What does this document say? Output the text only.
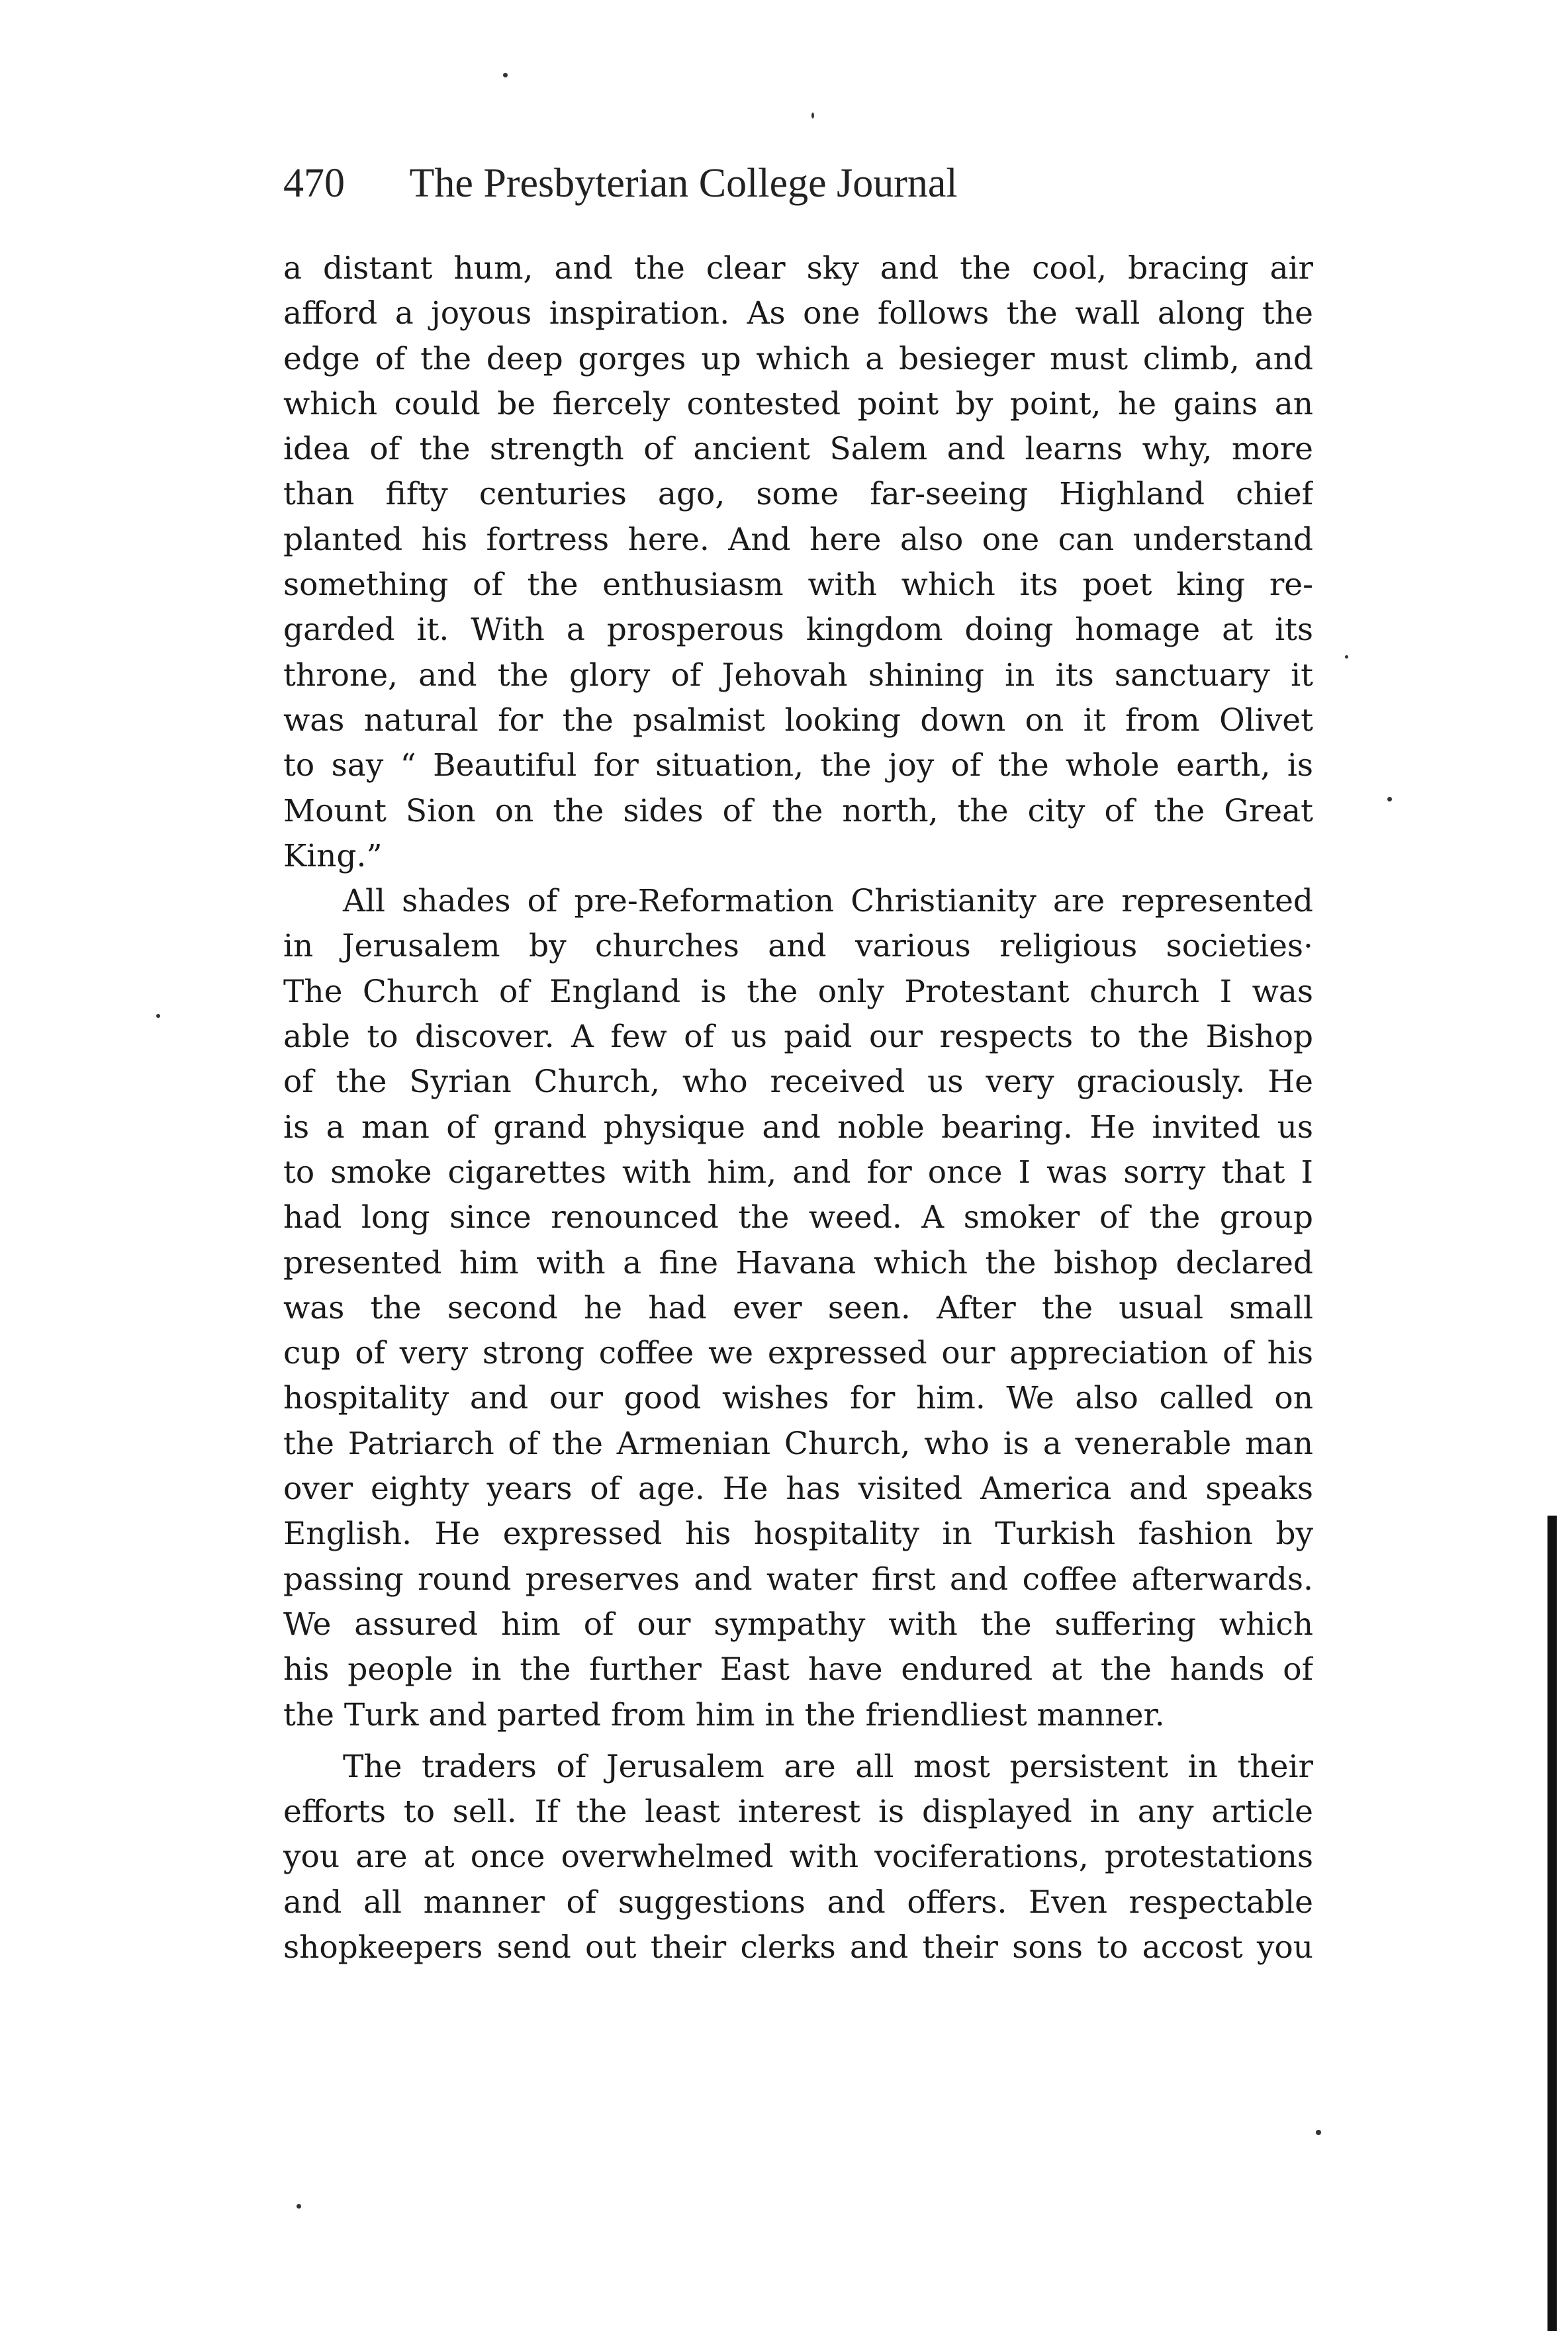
470 The Presbyterian College Journal
a distant hum, and the clear sky and the cool, bracing air
afford a joyous inspiration. As one follows the wall along the
edge of the deep gorges up which a besieger must climb, and
which could be fiercely contested point by point, he gains an
idea of the strength of ancient Salem and learns why, more
than fifty centuries ago, some far-seeing Highland chief
planted his fortress here. And here also one can understand
something of the enthusiasm with which its poet king re-
garded it. With a prosperous kingdom doing homage at its
throne, and the glory of Jehovah shining in its sanctuary it
was natural for the psalmist looking down on it from Olivet
to say “ Beautiful for situation, the joy of the whole earth, is
Mount Sion on the sides of the north, the city of the Great
King.”
All shades of pre-Reformation Christianity are represented
in Jerusalem by churches and various religious societies·
The Church of England is the only Protestant church I was
able to discover. A few of us paid our respects to the Bishop
of the Syrian Church, who received us very graciously. He
is a man of grand physique and noble bearing. He invited us
to smoke cigarettes with him, and for once I was sorry that I
had long since renounced the weed. A smoker of the group
presented him with a fine Havana which the bishop declared
was the second he had ever seen. After the usual small
cup of very strong coffee we expressed our appreciation of his
hospitality and our good wishes for him. We also called on
the Patriarch of the Armenian Church, who is a venerable man
over eighty years of age. He has visited America and speaks
English. He expressed his hospitality in Turkish fashion by
passing round preserves and water first and coffee afterwards.
We assured him of our sympathy with the suffering which
his people in the further East have endured at the hands of
the Turk and parted from him in the friendliest manner.
The traders of Jerusalem are all most persistent in their
efforts to sell. If the least interest is displayed in any article
you are at once overwhelmed with vociferations, protestations
and all manner of suggestions and offers. Even respectable
shopkeepers send out their clerks and their sons to accost you
